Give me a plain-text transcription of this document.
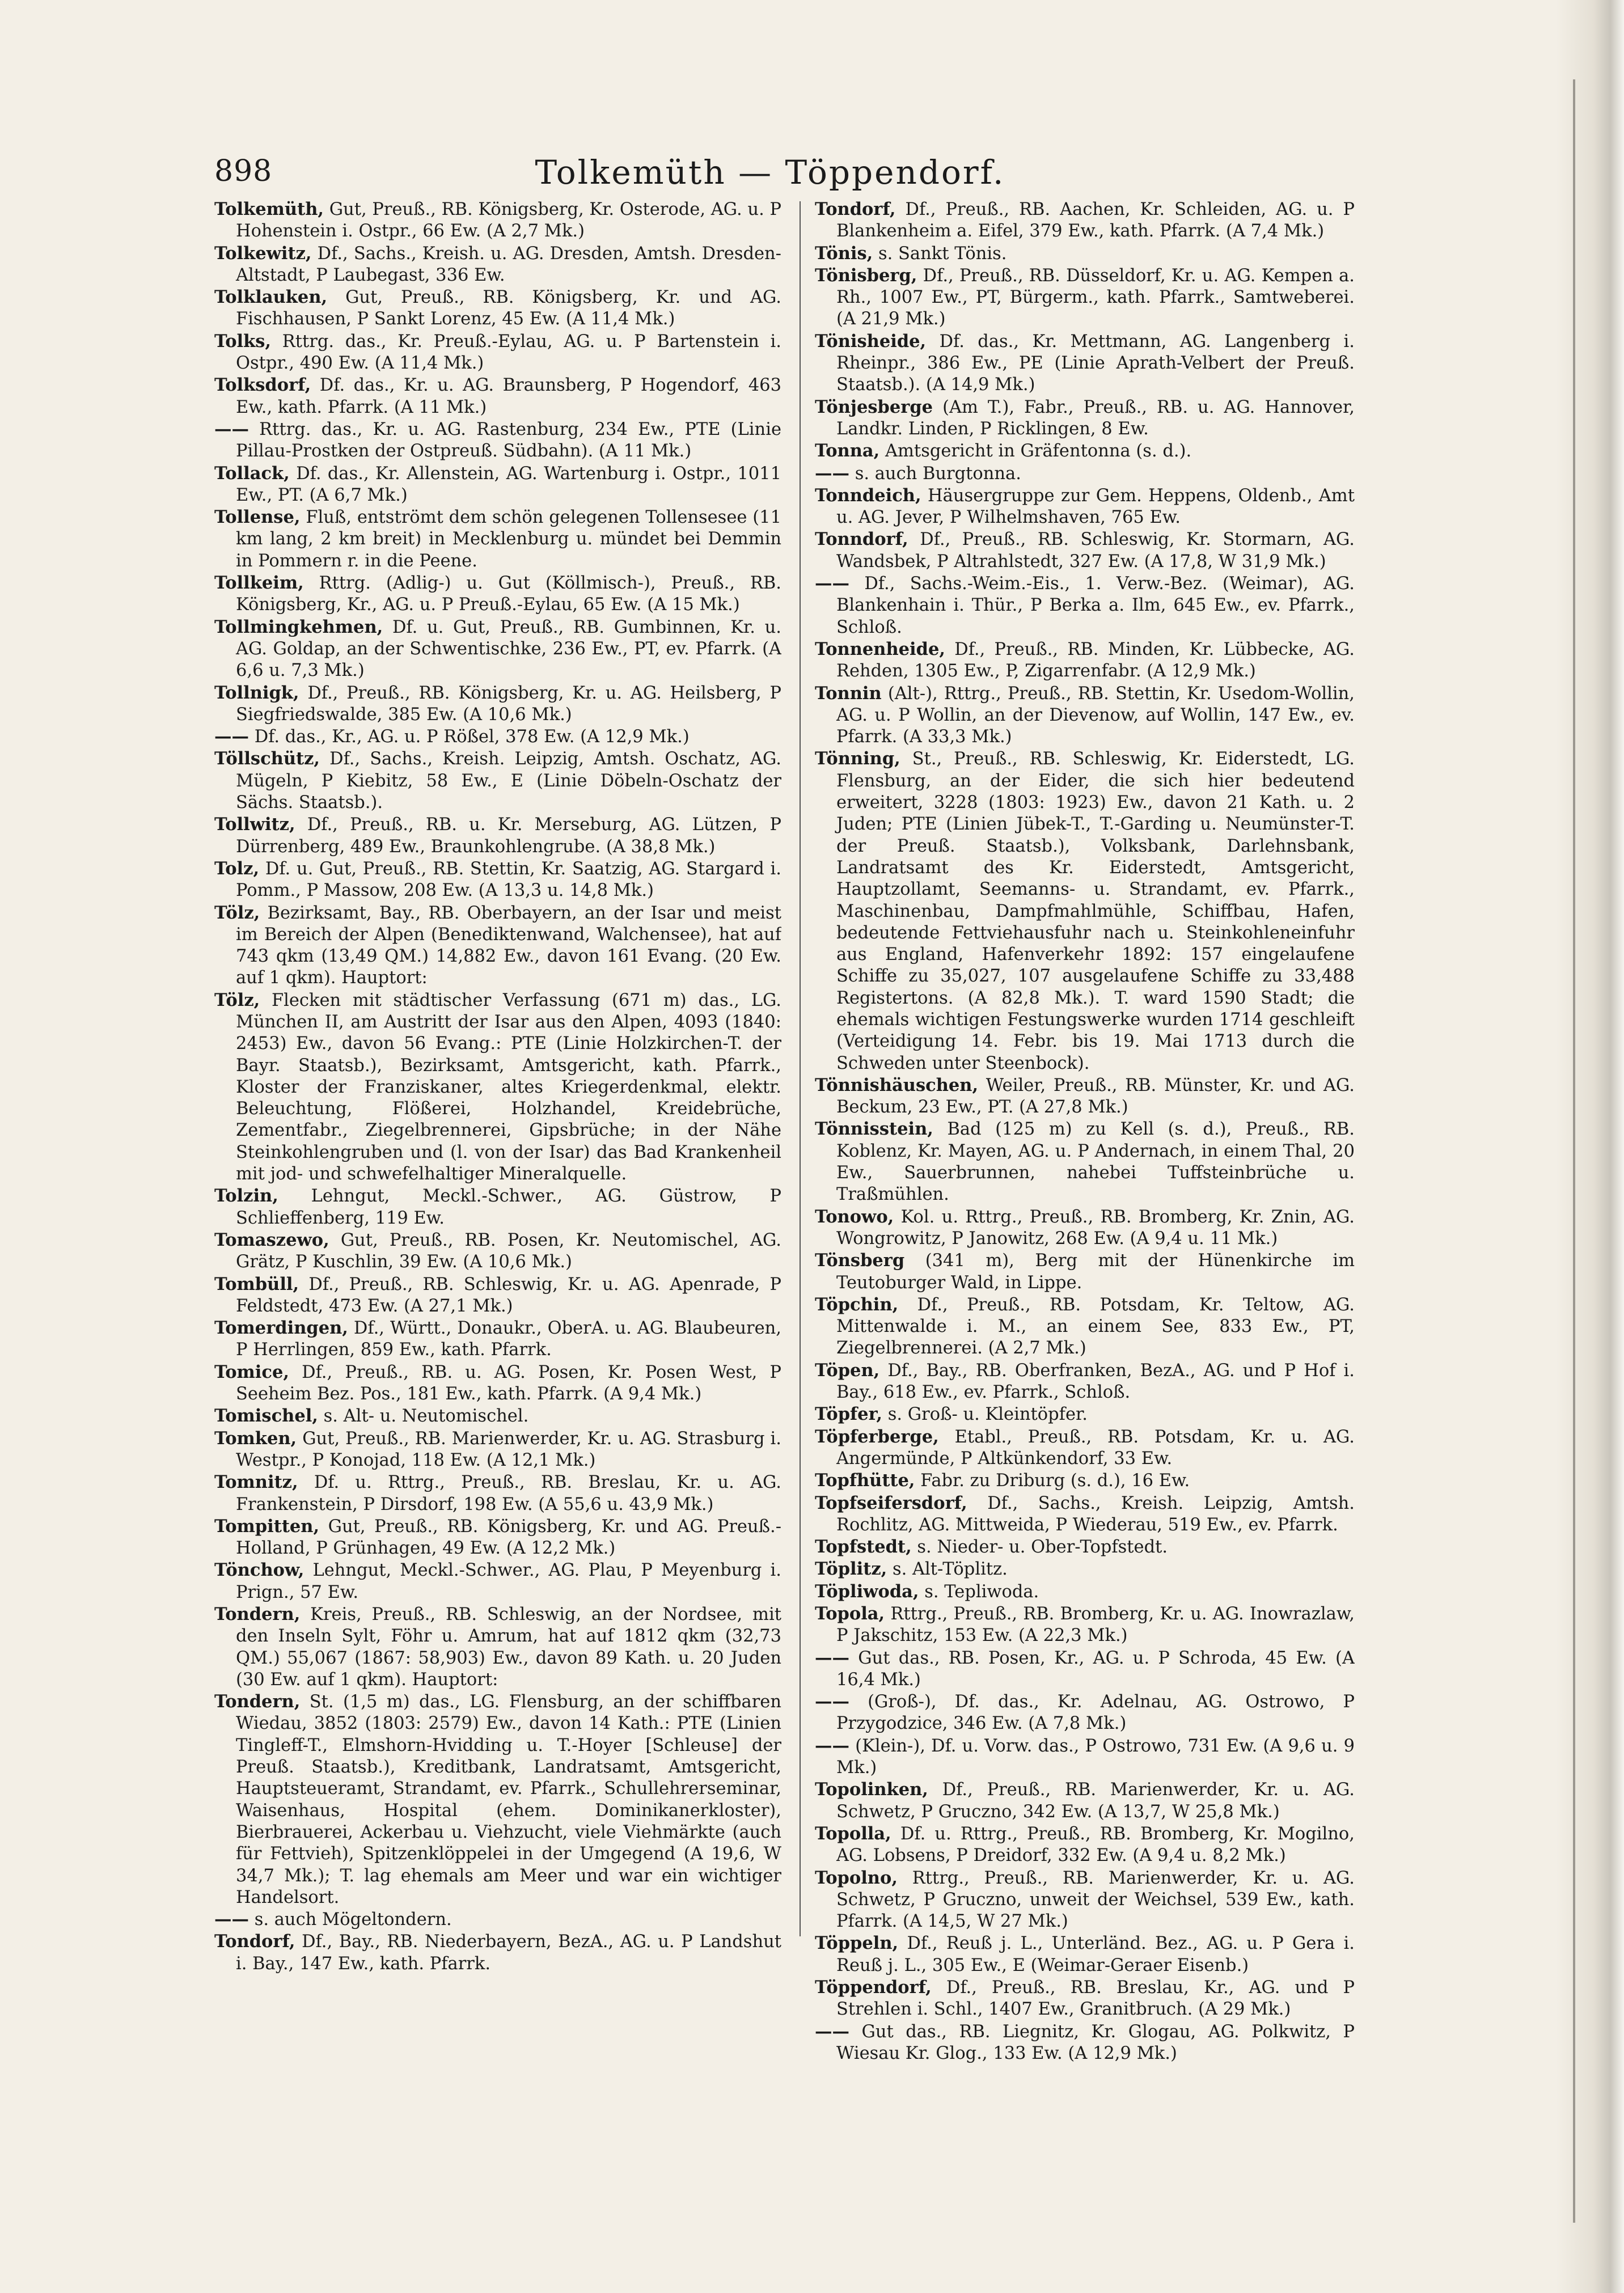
898	Tolkemüth — Töppendorf.

Tolkemüth, Gut, Preuß., RB. Königsberg, Kr. Osterode, AG. u. P Hohenstein i. Ostpr., 66 Ew. (A 2,7 Mk.)

Tolkewitz, Df., Sachs., Kreish. u. AG. Dresden, Amtsh. Dresden-Altstadt, P Laubegast, 336 Ew.

Tolklauken, Gut, Preuß., RB. Königsberg, Kr. und AG. Fischhausen, P Sankt Lorenz, 45 Ew. (A 11,4 Mk.)

Tolks, Rttrg. das., Kr. Preuß.-Eylau, AG. u. P Bartenstein i. Ostpr., 490 Ew. (A 11,4 Mk.)

Tolksdorf, Df. das., Kr. u. AG. Braunsberg, P Hogendorf, 463 Ew., kath. Pfarrk. (A 11 Mk.)

—— Rttrg. das., Kr. u. AG. Rastenburg, 234 Ew., PTE (Linie Pillau-Prostken der Ostpreuß. Südbahn). (A 11 Mk.)

Tollack, Df. das., Kr. Allenstein, AG. Wartenburg i. Ostpr., 1011 Ew., PT. (A 6,7 Mk.)

Tollense, Fluß, entströmt dem schön gelegenen Tollensesee (11 km lang, 2 km breit) in Mecklenburg u. mündet bei Demmin in Pommern r. in die Peene.

Tollkeim, Rttrg. (Adlig-) u. Gut (Köllmisch-), Preuß., RB. Königsberg, Kr., AG. u. P Preuß.-Eylau, 65 Ew. (A 15 Mk.)

Tollmingkehmen, Df. u. Gut, Preuß., RB. Gumbinnen, Kr. u. AG. Goldap, an der Schwentischke, 236 Ew., PT, ev. Pfarrk. (A 6,6 u. 7,3 Mk.)

Tollnigk, Df., Preuß., RB. Königsberg, Kr. u. AG. Heilsberg, P Siegfriedswalde, 385 Ew. (A 10,6 Mk.)

—— Df. das., Kr., AG. u. P Rößel, 378 Ew. (A 12,9 Mk.)

Töllschütz, Df., Sachs., Kreish. Leipzig, Amtsh. Oschatz, AG. Mügeln, P Kiebitz, 58 Ew., E (Linie Döbeln-Oschatz der Sächs. Staatsb.).

Tollwitz, Df., Preuß., RB. u. Kr. Merseburg, AG. Lützen, P Dürrenberg, 489 Ew., Braunkohlengrube. (A 38,8 Mk.)

Tolz, Df. u. Gut, Preuß., RB. Stettin, Kr. Saatzig, AG. Stargard i. Pomm., P Massow, 208 Ew. (A 13,3 u. 14,8 Mk.)

Tölz, Bezirksamt, Bay., RB. Oberbayern, an der Isar und meist im Bereich der Alpen (Benediktenwand, Walchensee), hat auf 743 qkm (13,49 QM.) 14,882 Ew., davon 161 Evang. (20 Ew. auf 1 qkm). Hauptort:

Tölz, Flecken mit städtischer Verfassung (671 m) das., LG. München II, am Austritt der Isar aus den Alpen, 4093 (1840: 2453) Ew., davon 56 Evang.: PTE (Linie Holzkirchen-T. der Bayr. Staatsb.), Bezirksamt, Amtsgericht, kath. Pfarrk., Kloster der Franziskaner, altes Kriegerdenkmal, elektr. Beleuchtung, Flößerei, Holzhandel, Kreidebrüche, Zementfabr., Ziegelbrennerei, Gipsbrüche; in der Nähe Steinkohlengruben und (l. von der Isar) das Bad Krankenheil mit jod- und schwefelhaltiger Mineralquelle.

Tolzin, Lehngut, Meckl.-Schwer., AG. Güstrow, P Schlieffenberg, 119 Ew.

Tomaszewo, Gut, Preuß., RB. Posen, Kr. Neutomischel, AG. Grätz, P Kuschlin, 39 Ew. (A 10,6 Mk.)

Tombüll, Df., Preuß., RB. Schleswig, Kr. u. AG. Apenrade, P Feldstedt, 473 Ew. (A 27,1 Mk.)

Tomerdingen, Df., Württ., Donaukr., OberA. u. AG. Blaubeuren, P Herrlingen, 859 Ew., kath. Pfarrk.

Tomice, Df., Preuß., RB. u. AG. Posen, Kr. Posen West, P Seeheim Bez. Pos., 181 Ew., kath. Pfarrk. (A 9,4 Mk.)

Tomischel, s. Alt- u. Neutomischel.

Tomken, Gut, Preuß., RB. Marienwerder, Kr. u. AG. Strasburg i. Westpr., P Konojad, 118 Ew. (A 12,1 Mk.)

Tomnitz, Df. u. Rttrg., Preuß., RB. Breslau, Kr. u. AG. Frankenstein, P Dirsdorf, 198 Ew. (A 55,6 u. 43,9 Mk.)

Tompitten, Gut, Preuß., RB. Königsberg, Kr. und AG. Preuß.-Holland, P Grünhagen, 49 Ew. (A 12,2 Mk.)

Tönchow, Lehngut, Meckl.-Schwer., AG. Plau, P Meyenburg i. Prign., 57 Ew.

Tondern, Kreis, Preuß., RB. Schleswig, an der Nordsee, mit den Inseln Sylt, Föhr u. Amrum, hat auf 1812 qkm (32,73 QM.) 55,067 (1867: 58,903) Ew., davon 89 Kath. u. 20 Juden (30 Ew. auf 1 qkm). Hauptort:

Tondern, St. (1,5 m) das., LG. Flensburg, an der schiffbaren Wiedau, 3852 (1803: 2579) Ew., davon 14 Kath.: PTE (Linien Tingleff-T., Elmshorn-Hvidding u. T.-Hoyer [Schleuse] der Preuß. Staatsb.), Kreditbank, Landratsamt, Amtsgericht, Hauptsteueramt, Strandamt, ev. Pfarrk., Schullehrerseminar, Waisenhaus, Hospital (ehem. Dominikanerkloster), Bierbrauerei, Ackerbau u. Viehzucht, viele Viehmärkte (auch für Fettvieh), Spitzenklöppelei in der Umgegend (A 19,6, W 34,7 Mk.); T. lag ehemals am Meer und war ein wichtiger Handelsort.

—— s. auch Mögeltondern.

Tondorf, Df., Bay., RB. Niederbayern, BezA., AG. u. P Landshut i. Bay., 147 Ew., kath. Pfarrk.

Tondorf, Df., Preuß., RB. Aachen, Kr. Schleiden, AG. u. P Blankenheim a. Eifel, 379 Ew., kath. Pfarrk. (A 7,4 Mk.)

Tönis, s. Sankt Tönis.

Tönisberg, Df., Preuß., RB. Düsseldorf, Kr. u. AG. Kempen a. Rh., 1007 Ew., PT, Bürgerm., kath. Pfarrk., Samtweberei. (A 21,9 Mk.)

Tönisheide, Df. das., Kr. Mettmann, AG. Langenberg i. Rheinpr., 386 Ew., PE (Linie Aprath-Velbert der Preuß. Staatsb.). (A 14,9 Mk.)

Tönjesberge (Am T.), Fabr., Preuß., RB. u. AG. Hannover, Landkr. Linden, P Ricklingen, 8 Ew.

Tonna, Amtsgericht in Gräfentonna (s. d.).

—— s. auch Burgtonna.

Tonndeich, Häusergruppe zur Gem. Heppens, Oldenb., Amt u. AG. Jever, P Wilhelmshaven, 765 Ew.

Tonndorf, Df., Preuß., RB. Schleswig, Kr. Stormarn, AG. Wandsbek, P Altrahlstedt, 327 Ew. (A 17,8, W 31,9 Mk.)

—— Df., Sachs.-Weim.-Eis., 1. Verw.-Bez. (Weimar), AG. Blankenhain i. Thür., P Berka a. Ilm, 645 Ew., ev. Pfarrk., Schloß.

Tonnenheide, Df., Preuß., RB. Minden, Kr. Lübbecke, AG. Rehden, 1305 Ew., P, Zigarrenfabr. (A 12,9 Mk.)

Tonnin (Alt-), Rttrg., Preuß., RB. Stettin, Kr. Usedom-Wollin, AG. u. P Wollin, an der Dievenow, auf Wollin, 147 Ew., ev. Pfarrk. (A 33,3 Mk.)

Tönning, St., Preuß., RB. Schleswig, Kr. Eiderstedt, LG. Flensburg, an der Eider, die sich hier bedeutend erweitert, 3228 (1803: 1923) Ew., davon 21 Kath. u. 2 Juden; PTE (Linien Jübek-T., T.-Garding u. Neumünster-T. der Preuß. Staatsb.), Volksbank, Darlehnsbank, Landratsamt des Kr. Eiderstedt, Amtsgericht, Hauptzollamt, Seemanns- u. Strandamt, ev. Pfarrk., Maschinenbau, Dampfmahlmühle, Schiffbau, Hafen, bedeutende Fettviehausfuhr nach u. Steinkohleneinfuhr aus England, Hafenverkehr 1892: 157 eingelaufene Schiffe zu 35,027, 107 ausgelaufene Schiffe zu 33,488 Registertons. (A 82,8 Mk.). T. ward 1590 Stadt; die ehemals wichtigen Festungswerke wurden 1714 geschleift (Verteidigung 14. Febr. bis 19. Mai 1713 durch die Schweden unter Steenbock).

Tönnishäuschen, Weiler, Preuß., RB. Münster, Kr. und AG. Beckum, 23 Ew., PT. (A 27,8 Mk.)

Tönnisstein, Bad (125 m) zu Kell (s. d.), Preuß., RB. Koblenz, Kr. Mayen, AG. u. P Andernach, in einem Thal, 20 Ew., Sauerbrunnen, nahebei Tuffsteinbrüche u. Traßmühlen.

Tonowo, Kol. u. Rttrg., Preuß., RB. Bromberg, Kr. Znin, AG. Wongrowitz, P Janowitz, 268 Ew. (A 9,4 u. 11 Mk.)

Tönsberg (341 m), Berg mit der Hünenkirche im Teutoburger Wald, in Lippe.

Töpchin, Df., Preuß., RB. Potsdam, Kr. Teltow, AG. Mittenwalde i. M., an einem See, 833 Ew., PT, Ziegelbrennerei. (A 2,7 Mk.)

Töpen, Df., Bay., RB. Oberfranken, BezA., AG. und P Hof i. Bay., 618 Ew., ev. Pfarrk., Schloß.

Töpfer, s. Groß- u. Kleintöpfer.

Töpferberge, Etabl., Preuß., RB. Potsdam, Kr. u. AG. Angermünde, P Altkünkendorf, 33 Ew.

Topfhütte, Fabr. zu Driburg (s. d.), 16 Ew.

Topfseifersdorf, Df., Sachs., Kreish. Leipzig, Amtsh. Rochlitz, AG. Mittweida, P Wiederau, 519 Ew., ev. Pfarrk.

Topfstedt, s. Nieder- u. Ober-Topfstedt.

Töplitz, s. Alt-Töplitz.

Töpliwoda, s. Tepliwoda.

Topola, Rttrg., Preuß., RB. Bromberg, Kr. u. AG. Inowrazlaw, P Jakschitz, 153 Ew. (A 22,3 Mk.)

—— Gut das., RB. Posen, Kr., AG. u. P Schroda, 45 Ew. (A 16,4 Mk.)

—— (Groß-), Df. das., Kr. Adelnau, AG. Ostrowo, P Przygodzice, 346 Ew. (A 7,8 Mk.)

—— (Klein-), Df. u. Vorw. das., P Ostrowo, 731 Ew. (A 9,6 u. 9 Mk.)

Topolinken, Df., Preuß., RB. Marienwerder, Kr. u. AG. Schwetz, P Gruczno, 342 Ew. (A 13,7, W 25,8 Mk.)

Topolla, Df. u. Rttrg., Preuß., RB. Bromberg, Kr. Mogilno, AG. Lobsens, P Dreidorf, 332 Ew. (A 9,4 u. 8,2 Mk.)

Topolno, Rttrg., Preuß., RB. Marienwerder, Kr. u. AG. Schwetz, P Gruczno, unweit der Weichsel, 539 Ew., kath. Pfarrk. (A 14,5, W 27 Mk.)

Töppeln, Df., Reuß j. L., Unterländ. Bez., AG. u. P Gera i. Reuß j. L., 305 Ew., E (Weimar-Geraer Eisenb.)

Töppendorf, Df., Preuß., RB. Breslau, Kr., AG. und P Strehlen i. Schl., 1407 Ew., Granitbruch. (A 29 Mk.)

—— Gut das., RB. Liegnitz, Kr. Glogau, AG. Polkwitz, P Wiesau Kr. Glog., 133 Ew. (A 12,9 Mk.)
